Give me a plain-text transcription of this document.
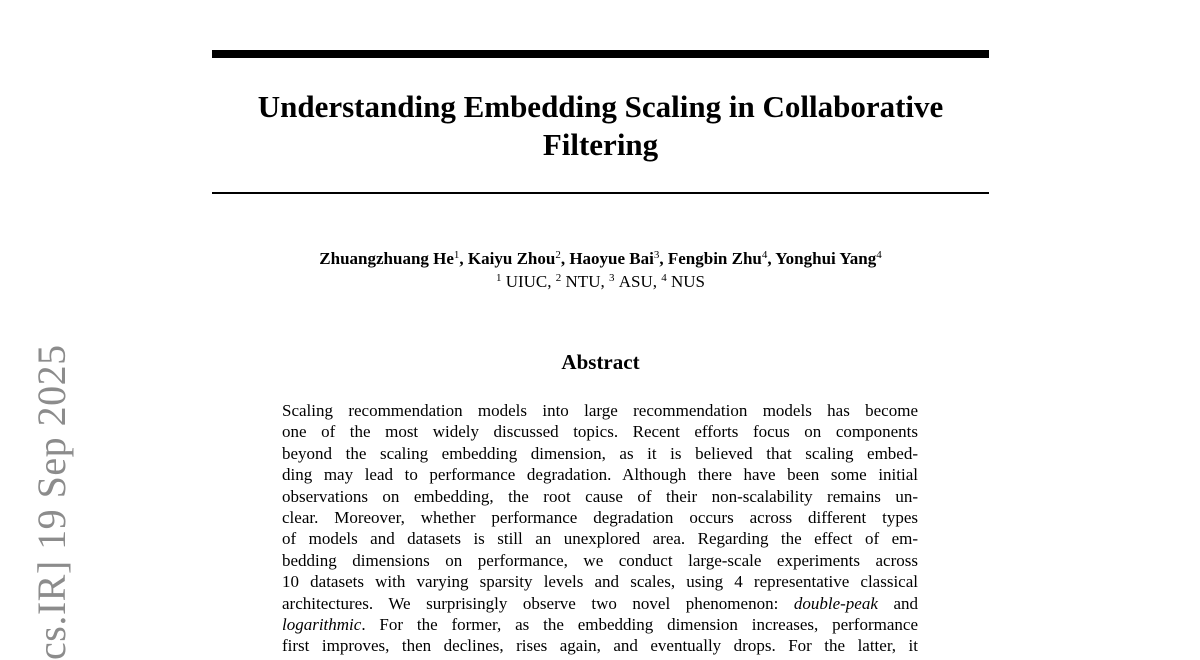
Understanding Embedding Scaling in Collaborative
Filtering
Zhuangzhuang He$^1$, Kaiyu Zhou$^2$, Haoyue Bai$^3$, Fengbin Zhu$^4$, Yonghui Yang$^4$
$^1$ UIUC, $^2$ NTU, $^3$ ASU, $^4$ NUS
Abstract
Scaling recommendation models into large recommendation models has become
one of the most widely discussed topics. Recent efforts focus on components
beyond the scaling embedding dimension, as it is believed that scaling embed-
ding may lead to performance degradation. Although there have been some initial
observations on embedding, the root cause of their non-scalability remains un-
clear. Moreover, whether performance degradation occurs across different types
of models and datasets is still an unexplored area. Regarding the effect of em-
bedding dimensions on performance, we conduct large-scale experiments across
10 datasets with varying sparsity levels and scales, using 4 representative classical
architectures. We surprisingly observe two novel phenomenon: double-peak and
logarithmic. For the former, as the embedding dimension increases, performance
first improves, then declines, rises again, and eventually drops. For the latter, it
cs.IR] 19 Sep 2025
